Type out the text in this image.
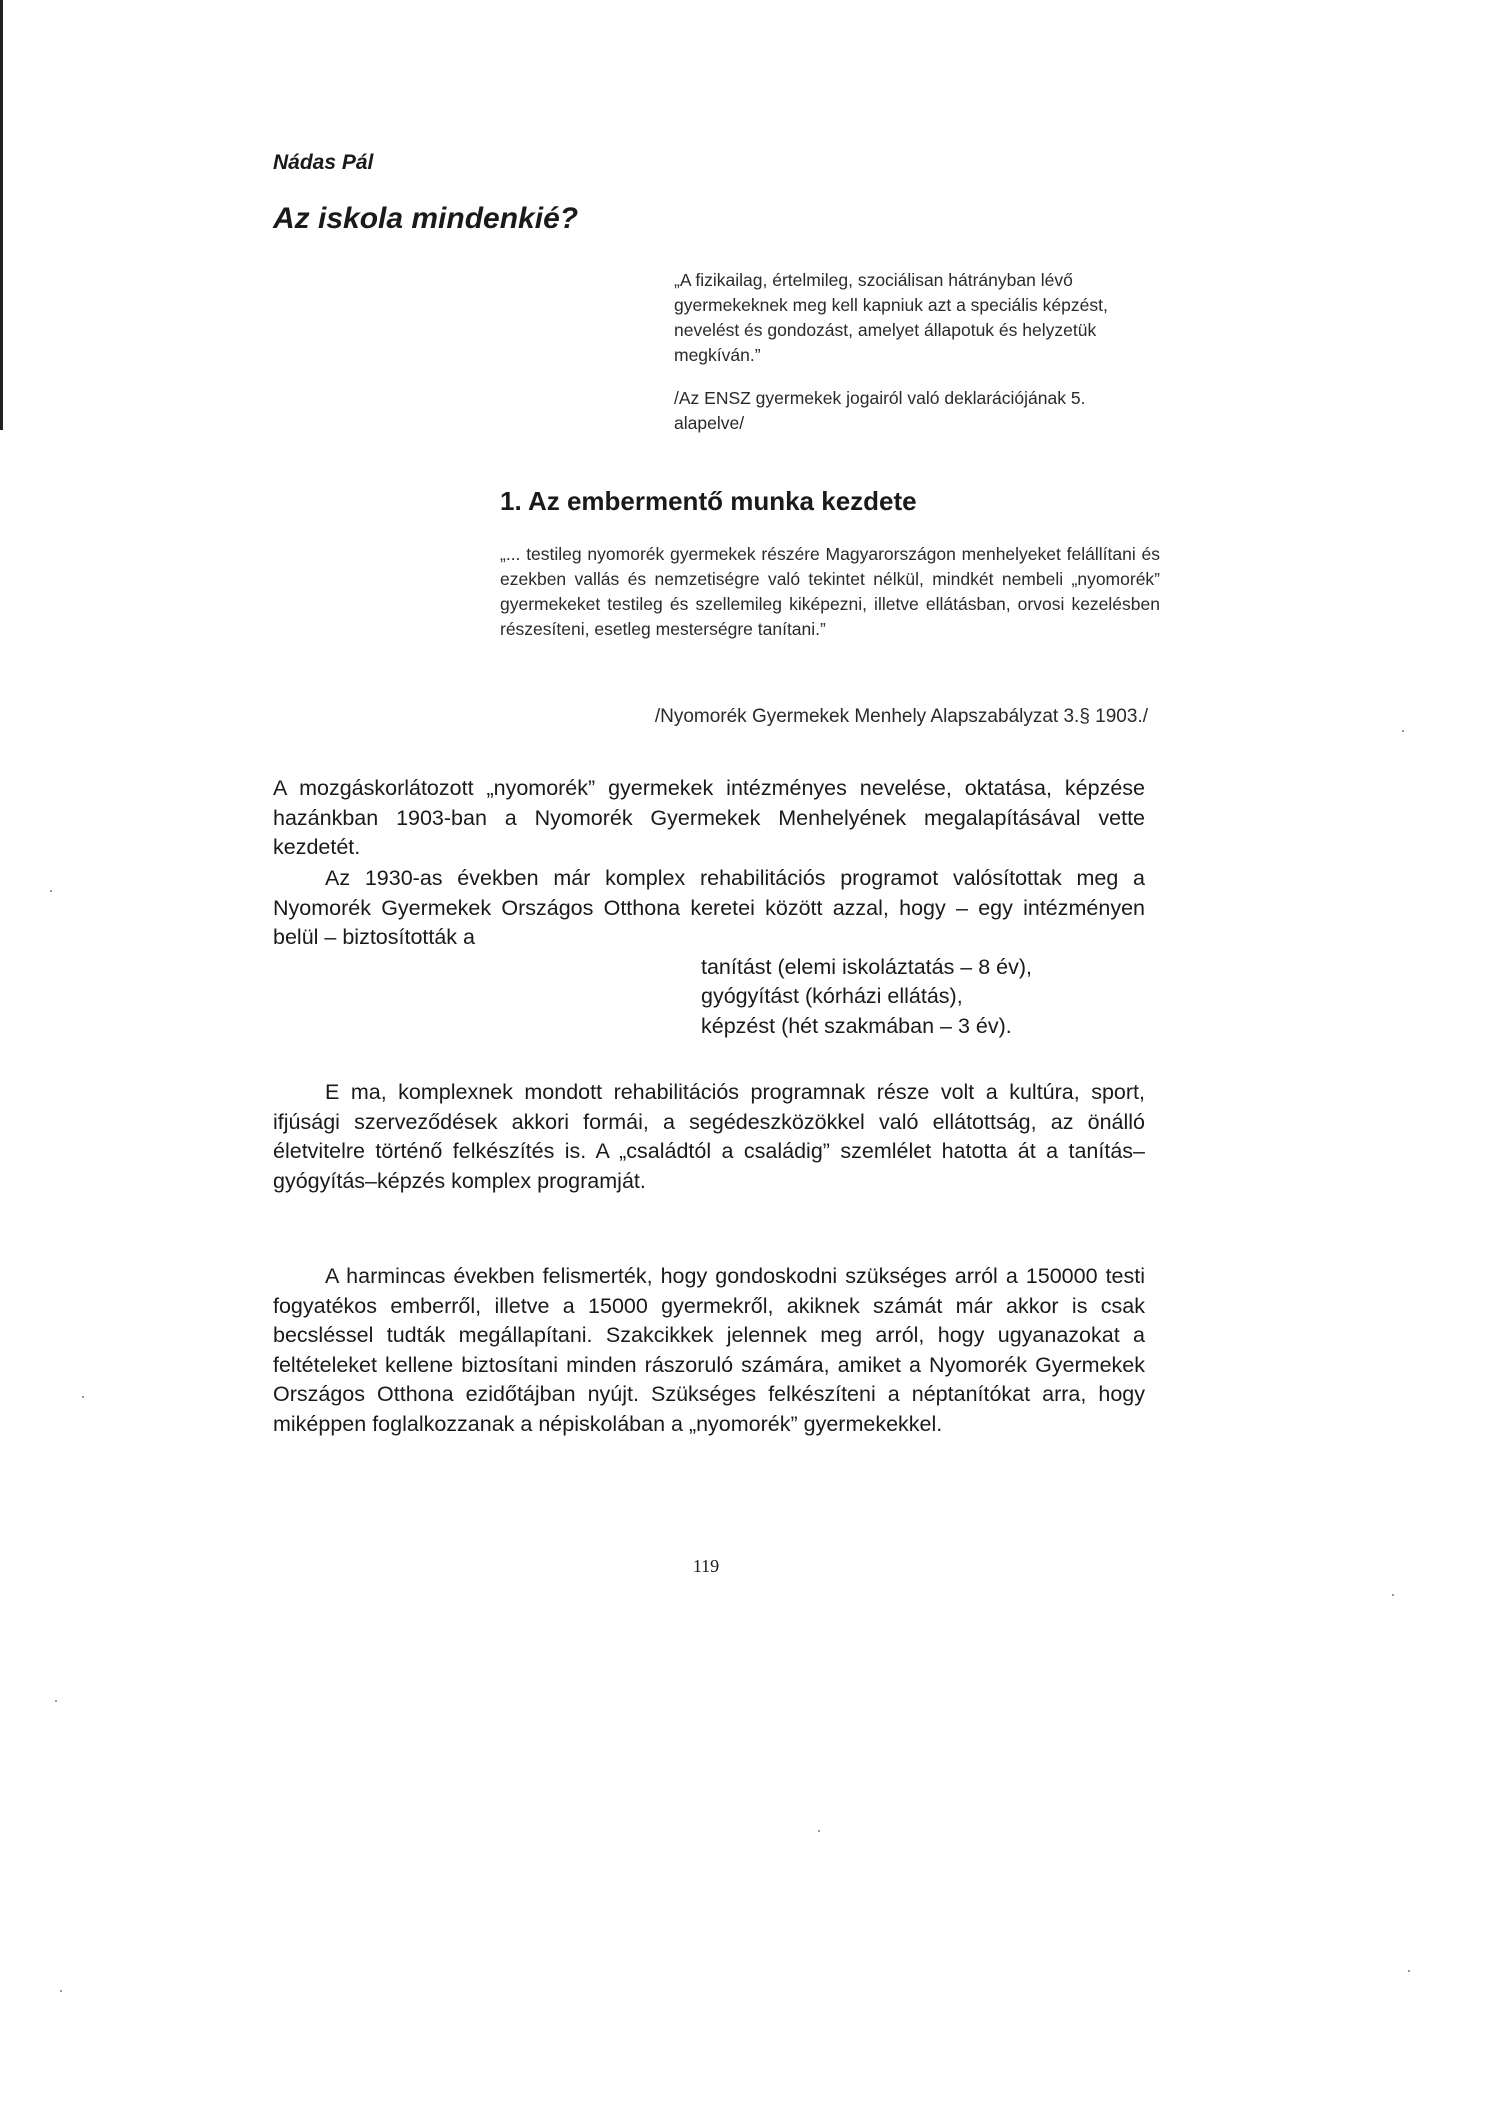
Nádas Pál

Az iskola mindenkié?

„A fizikailag, értelmileg, szociálisan hátrányban lévő gyermekeknek meg kell kapniuk azt a speciális képzést, nevelést és gondozást, amelyet állapotuk és helyzetük megkíván.”

/Az ENSZ gyermekek jogairól való deklarációjának 5. alapelve/

1. Az embermentő munka kezdete

„... testileg nyomorék gyermekek részére Magyarországon menhelyeket felállítani és ezekben vallás és nemzetiségre való tekintet nélkül, mindkét nembeli „nyomorék” gyermekeket testileg és szellemileg kiképezni, illetve ellátásban, orvosi kezelésben részesíteni, esetleg mesterségre tanítani.”

/Nyomorék Gyermekek Menhely Alapszabályzat 3.§ 1903./

A mozgáskorlátozott „nyomorék” gyermekek intézményes nevelése, oktatása, képzése hazánkban 1903-ban a Nyomorék Gyermekek Menhelyének megalapításával vette kezdetét.

Az 1930-as években már komplex rehabilitációs programot valósítottak meg a Nyomorék Gyermekek Országos Otthona keretei között azzal, hogy – egy intézményen belül – biztosították a
tanítást (elemi iskoláztatás – 8 év),
gyógyítást (kórházi ellátás),
képzést (hét szakmában – 3 év).

E ma, komplexnek mondott rehabilitációs programnak része volt a kultúra, sport, ifjúsági szerveződések akkori formái, a segédeszközökkel való ellátottság, az önálló életvitelre történő felkészítés is. A „családtól a családig” szemlélet hatotta át a tanítás–gyógyítás–képzés komplex programját.

A harmincas években felismerték, hogy gondoskodni szükséges arról a 150000 testi fogyatékos emberről, illetve a 15000 gyermekről, akiknek számát már akkor is csak becsléssel tudták megállapítani. Szakcikkek jelennek meg arról, hogy ugyanazokat a feltételeket kellene biztosítani minden rászoruló számára, amiket a Nyomorék Gyermekek Országos Otthona ezidőtájban nyújt. Szükséges felkészíteni a néptanítókat arra, hogy miképpen foglalkozzanak a népiskolában a „nyomorék” gyermekekkel.

119
